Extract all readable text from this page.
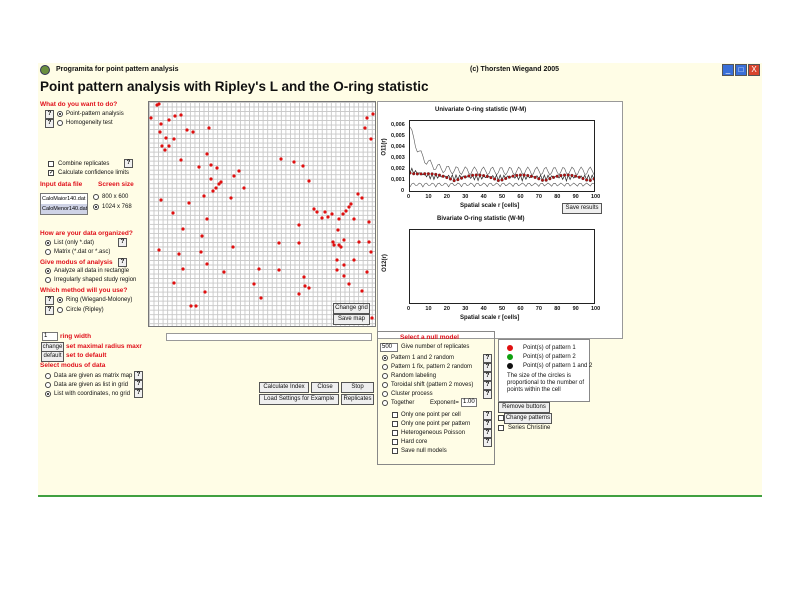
Programita for point pattern analysis	(c) Thorsten Wiegand 2005	_	□ X
Point pattern analysis with Ripley's L and the O-ring statistic
What do you want to do?
?	Point-pattern analysis
?	Homogeneity test
Combine replicates	?
✓ Calculate confidence limits
Input data file Screen size
CaloMaior140.dat
CaloMenor140.dat
800 x 600
1024 x 768
How are your data organized?
List (only *.dat)	?
Matrix (*.dat or *.asc)
Give modus of analysis	?
Analyze all data in rectangle
Irregularly shaped study region
Which method will you use?
?	Ring (Wiegand-Moloney)
?	Circle (Ripley)
1	ring width
change set maximal radius maxr
default set to default
Select modus of data
Data are given as matrix map ?
Data are given as list in grid	?
List with coordinates, no grid	?
Change grid
Save map
Univariate O-ring statistic (W-M)
O11(r)
0,006
0,005
0,004
0,003
0,002
0,001
0
0	10 20 30 40 50 60 70 80 90 100
Spatial scale r [cells]	Save results
Bivariate O-ring statistic (W-M)
O12(r)
0	10 20 30 40 50 60 70 80 90 100
Spatial scale r [cells]
Calculate Index	Close	Stop
Load Settings for Example	Replicates
Select a null model
500	Give number of replicates
Pattern 1 and 2 random	?
Pattern 1 fix, pattern 2 random	?
Random labeling	?
Toroidal shift (pattern 2 moves)	?
Cluster process	?
Together	Exponent= 1.00
Only one point per cell	?
Only one point per pattern	?
Heterogeneous Poisson	?
Hard core	?
Save null models
Point(s) of pattern 1
Point(s) of pattern 2
Point(s) of pattern 1 and 2
The size of the circles is proportional to the number of points within the cell
Remove buttons
Change patterns
Series Christine
